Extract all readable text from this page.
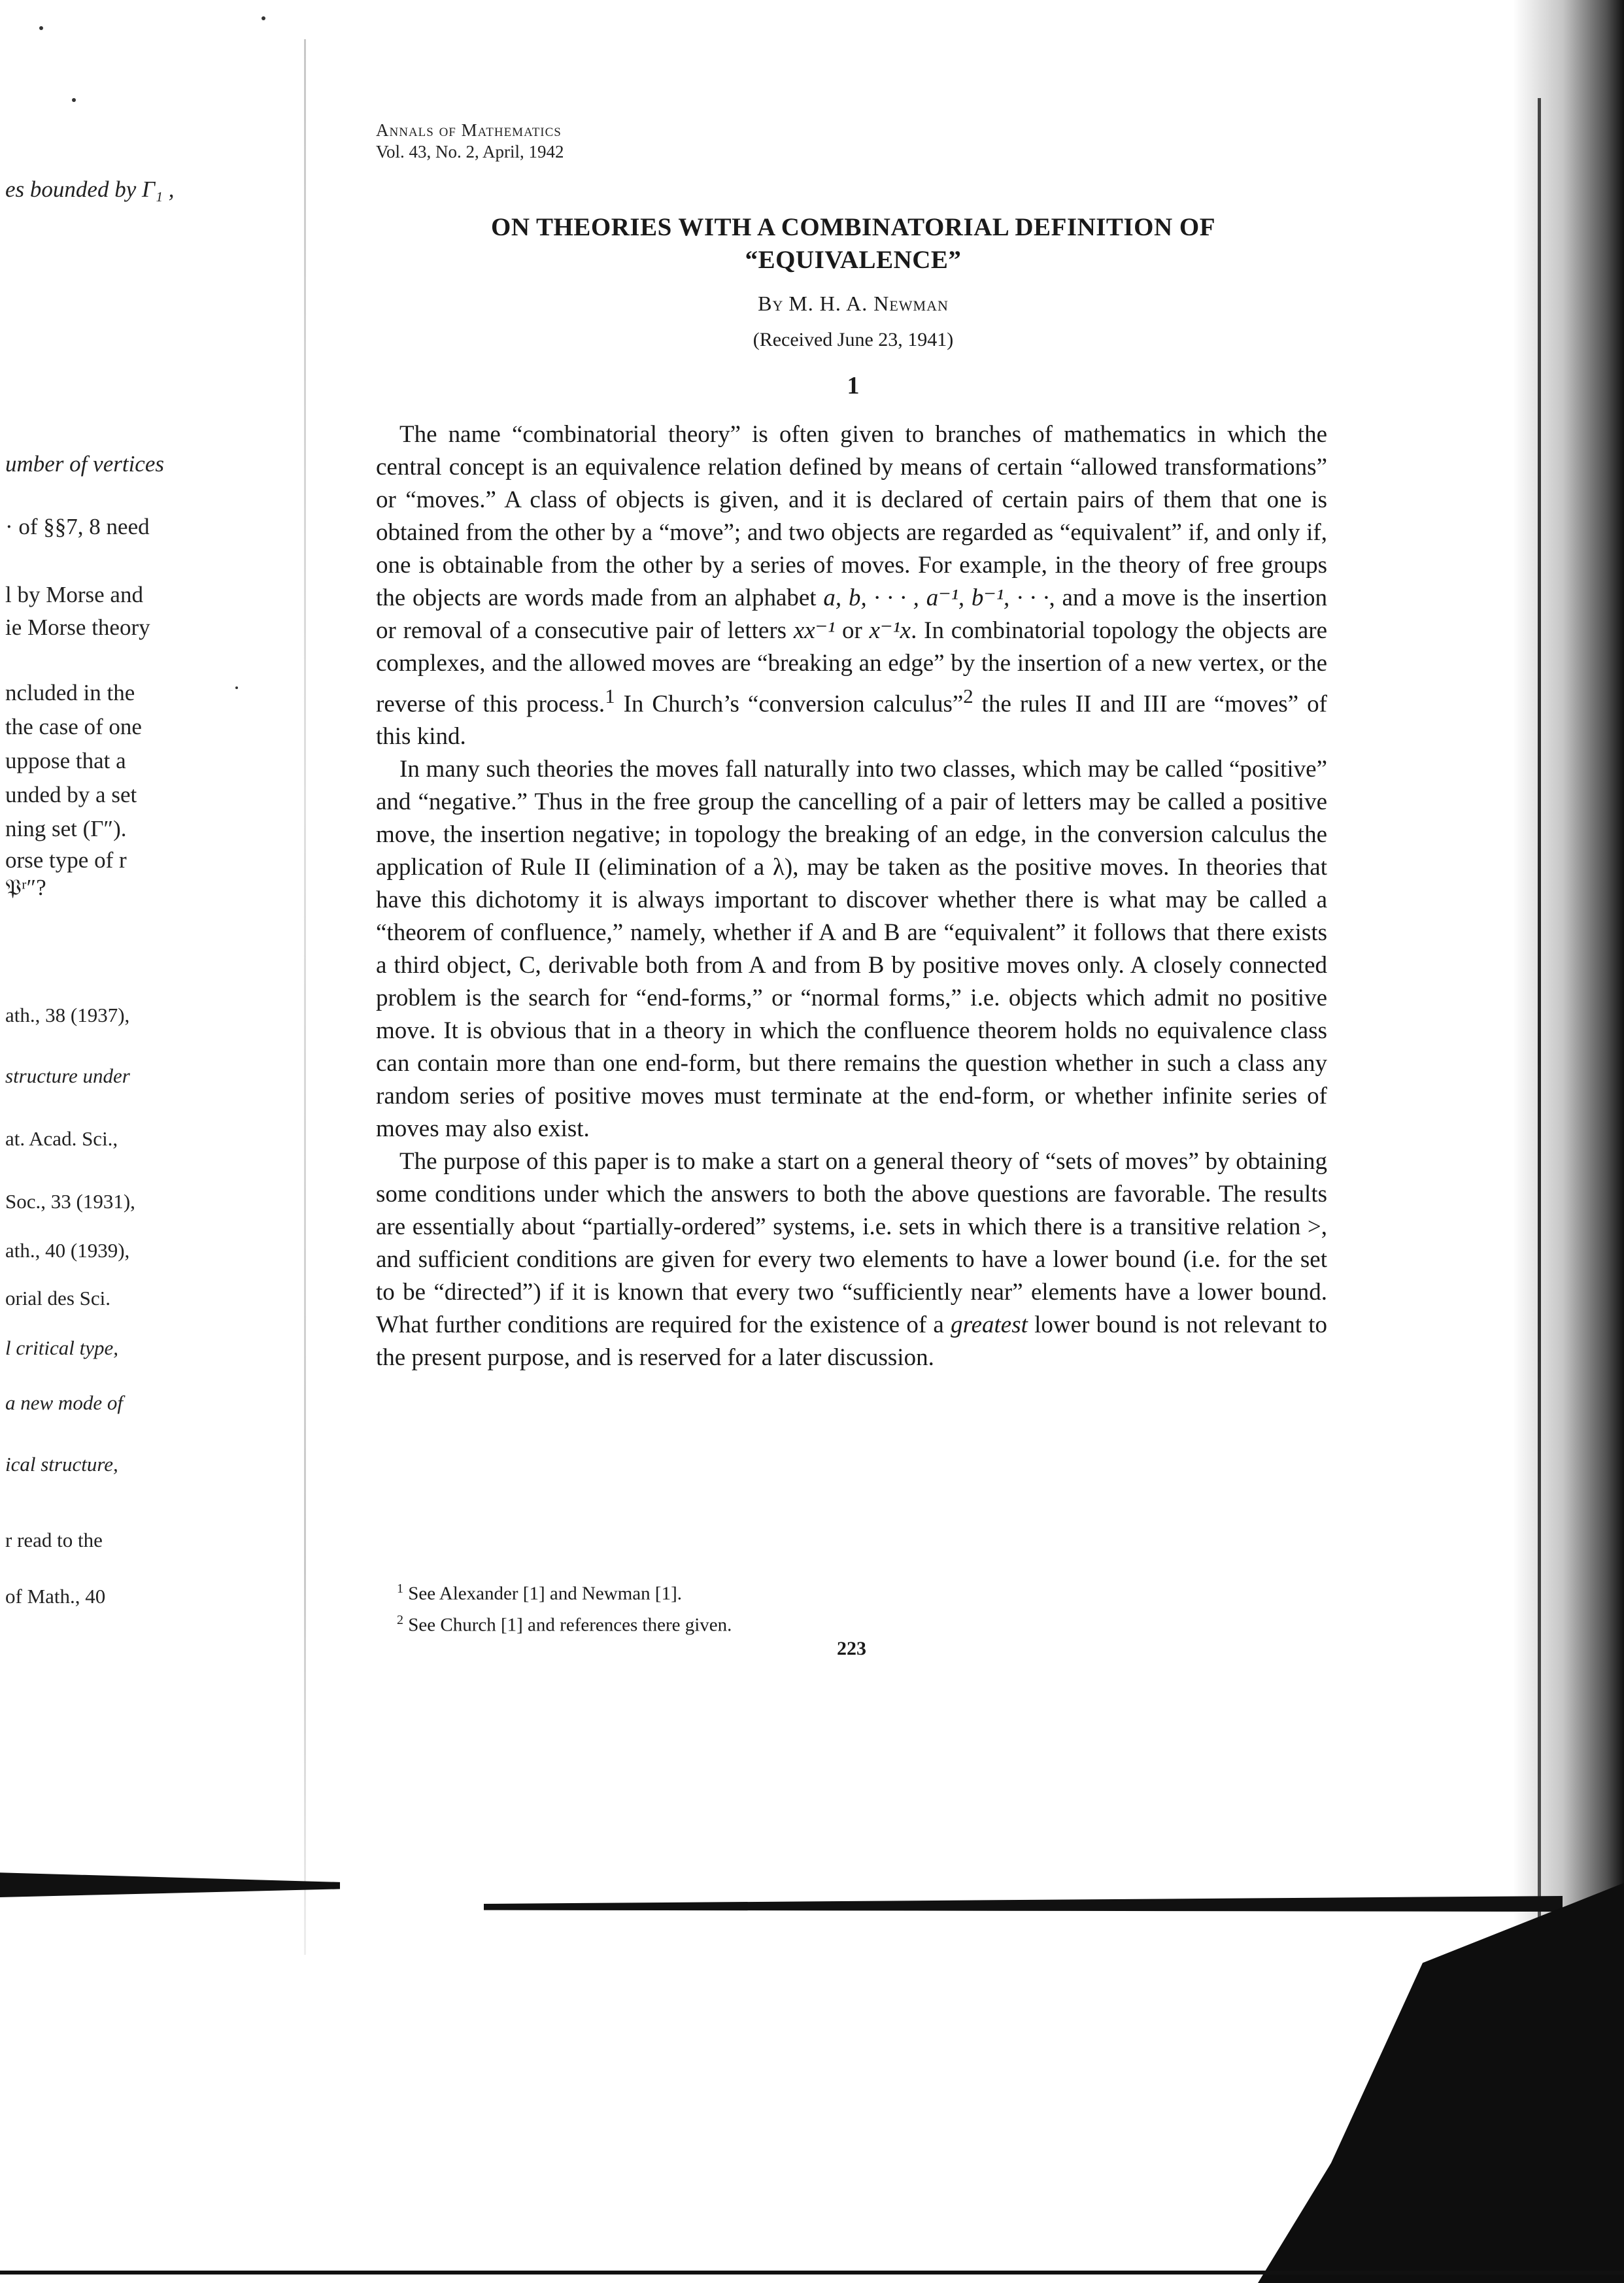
es bounded by Γ₁ ,
umber of vertices
· of §§7, 8 need
l by Morse and
ie Morse theory
ncluded in the
the case of one
uppose that a
unded by a set
ning set (Γ″).
orse type of r
𝔓ʳ″?
ath., 38 (1937),
structure under
at. Acad. Sci.,
Soc., 33 (1931),
ath., 40 (1939),
orial des Sci.
l critical type,
a new mode of
ical structure,
r read to the
of Math., 40
Annals of Mathematics
Vol. 43, No. 2, April, 1942
ON THEORIES WITH A COMBINATORIAL DEFINITION OF
“EQUIVALENCE”
By M. H. A. Newman
(Received June 23, 1941)
1

The name “combinatorial theory” is often given to branches of mathematics in which the central concept is an equivalence relation defined by means of certain “allowed transformations” or “moves.” A class of objects is given, and it is declared of certain pairs of them that one is obtained from the other by a “move”; and two objects are regarded as “equivalent” if, and only if, one is obtainable from the other by a series of moves. For example, in the theory of free groups the objects are words made from an alphabet a, b, · · · , a⁻¹, b⁻¹, · · ·, and a move is the insertion or removal of a consecutive pair of letters xx⁻¹ or x⁻¹x. In combinatorial topology the objects are complexes, and the allowed moves are “breaking an edge” by the insertion of a new vertex, or the reverse of this process.$^1$ In Church’s “conversion calculus”$^2$ the rules II and III are “moves” of this kind.

In many such theories the moves fall naturally into two classes, which may be called “positive” and “negative.” Thus in the free group the cancelling of a pair of letters may be called a positive move, the insertion negative; in topology the breaking of an edge, in the conversion calculus the application of Rule II (elimination of a λ), may be taken as the positive moves. In theories that have this dichotomy it is always important to discover whether there is what may be called a “theorem of confluence,” namely, whether if A and B are “equivalent” it follows that there exists a third object, C, derivable both from A and from B by positive moves only. A closely connected problem is the search for “end-forms,” or “normal forms,” i.e. objects which admit no positive move. It is obvious that in a theory in which the confluence theorem holds no equivalence class can contain more than one end-form, but there remains the question whether in such a class any random series of positive moves must terminate at the end-form, or whether infinite series of moves may also exist.

The purpose of this paper is to make a start on a general theory of “sets of moves” by obtaining some conditions under which the answers to both the above questions are favorable. The results are essentially about “partially-ordered” systems, i.e. sets in which there is a transitive relation >, and sufficient conditions are given for every two elements to have a lower bound (i.e. for the set to be “directed”) if it is known that every two “sufficiently near” elements have a lower bound. What further conditions are required for the existence of a greatest lower bound is not relevant to the present purpose, and is reserved for a later discussion.

$^1$ See Alexander [1] and Newman [1].

$^2$ See Church [1] and references there given.

223
